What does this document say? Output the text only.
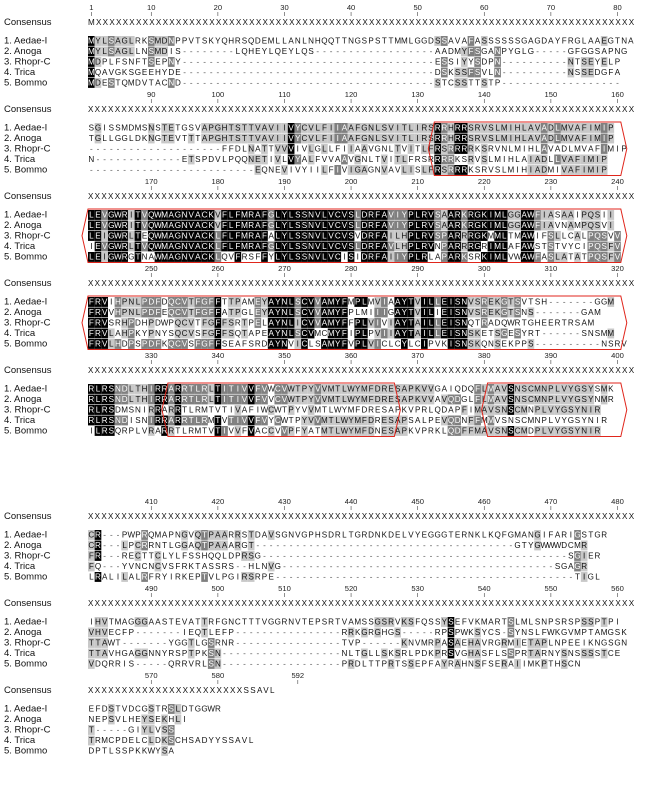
1	10	20	30	40	50	60	70	80
Consensus	MXXXXXXXXXXXXXXXXXXXXXXXXXXXXXXXXXXXXXXXXXXXXXXXXXXXXXXXXXXXXXXXXXXXXXXXXXXXXXXXXX
1. Aedae-I	M Y L S A G L R K S M D N P P V T S K Y Q H R S Q D E M L L A N L N H Q Q T T N G S P S T T M M L G G D S S A V A F A S S S S S S G A G D A Y F R G L A A E G T N A
2. Anoga	M Y L S A G L L N S M D I S - - - - - - - - L Q H E Y L Q E Y L Q S - - - - - - - - - - - - - - - - - - A A D M Y F S G A N P Y G L G - - - - - G F G G S A P N G
3. Rhopr-C	M D P L F S N F T S E P N Y - - - - - - - - - - - - - - - - - - - - - - - - - - - - - - - - - - - - - - E S S I Y Y S D P N - - - - - - - - - - N T S E Y E L P
4. Trica	M Q A V G K S G E E H Y D E - - - - - - - - - - - - - - - - - - - - - - - - - - - - - - - - - - - - - - D S K S S F S V L N - - - - - - - - - - N S S E D G F A
5. Bommo	M D E S T Q M D V T A C N D - - - - - - - - - - - - - - - - - - - - - - - - - - - - - - - - - - - - - - S T C S S T T S T P - - - - - - - - - - - - - - - - - -
90	100	110	120	130	140	150	160
Consensus	XXXXXXXXXXXXXXXXXXXXXXXXXXXXXXXXXXXXXXXXXXXXXXXXXXXXXXXXXXXXXXXXXXXXXXXXXXXXXXXXXX
1. Aedae-I	S G I S S M D M S N S T E T G S V A P G H T S T T V A V I I V Y C V L F I I A A F G N L S V I T L I R S R R H R R S R V S L M I H L A V A D L M V A F I M I P
2. Anoga	T G L L G G L D K N G T E V T T T A P G H T S T T V A V I I V Y C V L F I I A A F G N L S V I T L I R S R R H R R S R V S L M I H L A V A D L M V A F I M I P
3. Rhopr-C	- - - - - - - - - - - - - - - - - - - - F F D L N A T T V V V I V L G L L F I I A A V G N L T V I T L F R S R R R R K S R V N L M I H L A V A D L M V A F I M I P
4. Trica	N - - - - - - - - - - - - - E T S P D V L P Q Q N E T I V L V Y A L F V V A A V G N L T V I T L F R S R R R R K S R V S L M I H L A I A D L L V A F I M I P
5. Bommo	- - - - - - - - - - - - - - - - - - - - - - - - - E Q N E V I V Y I I L F I V I G A G N V A V L I S L F R S R R R K S R V S L M I H I A D M I V A F I M I P
170	180	190	200	210	220	230	240
Consensus	XXXXXXXXXXXXXXXXXXXXXXXXXXXXXXXXXXXXXXXXXXXXXXXXXXXXXXXXXXXXXXXXXXXXXXXXXXXXXXXXXX
1. Aedae-I	L E V G W R I T V Q W M A G N V A C K V F L F M R A F G L Y L S S N V L V C V S L D R F A V I Y P L R V S A A R K R G K I M L G G A W F I A S A A I P Q S I I
2. Anoga	L E V G W R I T V Q W M A G N V A C K V F L F M R A F G L Y L S S N V L V C V S L D R F A V I Y P L R V S A A R K R G K I M L G G A W F I A V N A M P Q S V I
3. Rhopr-C	L E I G W R L T E Q W M A G N V A C K L F L F M R A F A L Y L S S N V L V C V S V D R F A I L H P L R V S P A R R R G K M M L T M A W I F S L L C A L P Q S V V
4. Trica	I E V G W R L T V Q W M A G N V A C K L F L F M R A F G L Y L S S N V L V C V S L D R F A V L H P L R V N P A R R R G R I M L A F A W S T S T V Y C I P Q S F V
5. Bommo	L E I G W R G T N A W M A G N V A C K L Q V F R S F F Y L Y L S S N V L V C I S I D R F A I I Y P L R L A P A R K S R K I M L V W A W F A S L A T A T P Q S F V
250	260	270	280	290	300	310	320
Consensus	XXXXXXXXXXXXXXXXXXXXXXXXXXXXXXXXXXXXXXXXXXXXXXXXXXXXXXXXXXXXXXXXXXXXXXXXXXXXXXXXXX
1. Aedae-I	F R V I H P N L P D F D Q C V T F G F F T T P A M E Y A Y N L S C V V A M Y F M P L M V I A A Y T V I L L E I S N V S R E K G T S V T S H - - - - - - - G G M
2. Anoga	F R V V H P N L P D F E Q C V T F G F F A T P G L E Y A Y N L S C V V A M Y F P L M I I I G A Y T V I L I E I S N V S R E K G T S N S - - - - - - - G A M
3. Rhopr-C	F R V S R H P D H P D W P Q C V T F G F F S R T P E L A Y N L I C V V A M Y F F P L V I V I A Y T A I L L E I S N Q T R A D Q W R T G H E E R T R S A M
4. Trica	F R V L A H P K Y P N Y S Q C V S F G F F S Q T A P E A Y N L S C V M C M Y F I P L P V I I A Y T A I L L E I S N S K E T S G E S Y R T - - - - - - S N S M M
5. Bommo	F R V L H D P S P D F K Q C V S F G F F S E A F S R D A Y N V I C L S A M Y F V P L V I C L C Y L C I P V K I S N S K Q N S E K P P S - - - - - - - - - - N S R V
330	340	350	360	370	380	390	400
Consensus	XXXXXXXXXXXXXXXXXXXXXXXXXXXXXXXXXXXXXXXXXXXXXXXXXXXXXXXXXXXXXXXXXXXXXXXXXXXXXXXXXX
1. Aedae-I	R L R S N D L T H I R R A R R T L R L T I T I V V F V W C V W T P Y V V M T L W Y M F D R E S A P K V V G A I Q D Q F L M A V S N S C M N P L V Y G S Y S M K
2. Anoga	R L R S N D L T H I R R A R R T L R L T I T I V V F V V C V W T P Y V V M T L W Y M F D R E S A P K V V A V Q D G L F L M A V S N S C M N P L V Y G S Y N M R
3. Rhopr-C	R L R S D M S N I R R A R R T L R M T V T I V A F I W C W T P Y V V M T L W Y M F D R E S A P K V P R L Q D A P F I M A V S N S C M N P L V Y G S Y N I R
4. Trica	R L R S N D I S N I R R A R R T L R M T V T I V V F V Y C W T P Y V V M T L W Y M F D R E S A P S A L P E V Q D N F F M M V S N S C M N P L V Y G S Y N I R
5. Bommo	I L R S Q R P L V R A R R T L R M T V T I V V F V A C C V V P F Y A T M T L W Y M F D N E S A P K V P R K L Q D F F M A V S N S C M D P L V Y G S Y N I R
410	420	430	440	450	460	470	480
Consensus	XXXXXXXXXXXXXXXXXXXXXXXXXXXXXXXXXXXXXXXXXXXXXXXXXXXXXXXXXXXXXXXXXXXXXXXXXXXXXXXXXX
1. Aedae-I	C R - - - P W P R Q M A P N G V Q T P A A R R S T D A V S G N V G P H S D R L T G R D N K D E L V Y E G G G T E R N K L K Q F G M A N G I F A R I G S T G R
2. Anoga	C R - - - L P C R R N T L G G A Q T P A A A R G T - - - - - - - - - - - - - - - - - - - - - - - - - - - - - - - - - - - - - - - G T Y G W W W D C M R
3. Rhopr-C	F R - - - R E C T T C L Y L F S S H Q Q L D P R S G - - - - - - - - - - - - - - - - - - - - - - - - - - - - - - - - - - - - - - - - - - - - - - S G I E R
4. Trica	F Q - - - Y V N C N C V S F R K T A S S R S - - H L N V G - - - - - - - - - - - - - - - - - - - - - - - - - - - - - - - - - - - - - - - - - S G A G R
5. Bommo	L R A L I L A L R F R Y I R K E P T V L P G I R S R P E - - - - - - - - - - - - - - - - - - - - - - - - - - - - - - - - - - - - - - - - - - - - - T I G L
490	500	510	520	530	540	550	560
Consensus	XXXXXXXXXXXXXXXXXXXXXXXXXXXXXXXXXXXXXXXXXXXXXXXXXXXXXXXXXXXXXXXXXXXXXXXXXXXXXXXXXX
1. Aedae-I	I H V T M A G G G A A S T E V A T T R F G N C T T T V G G R N V T E P S R T V A M S S G S R V K S F Q S S Y S E F V K M A R T S L M L S N P S R S P S S P T P I
2. Anoga	V H V E C F P - - - - - - - I E Q T L E F P - - - - - - - - - - - - - - - - R R K G R G H G S - - - - - R P S P W K S Y C S - S Y N S L F W K G V M P T A M G S K
3. Rhopr-C	T T A W T - - - - - - - Y G G T L G S R N R - - - - - - - - - - - - - - - - T V P - - - - - - K N V M R P A S A E H A V R G R M I E T A P L N P E E I K N G S G N
4. Trica	T T A V H G A G G N N Y R S P T P K S N - - - - - - - - - - - - - - - - - - N L T G L L S K S R L P D K P R S V G H A S F L S S P R T A R N Y S N S S S S T C E
5. Bommo	V D Q R R I S - - - - - Q R R V R L S N - - - - - - - - - - - - - - - - - - P R D L T T P R T S S E P F A Y R A H N S F S E R A I I M K P T H S C N
570	580	592
Consensus	XXXXXXXXXXXXXXXXXXXXXXXSSAVL
1. Aedae-I	E F D S T V D C G S T R S L D T G G W R
2. Anoga	N E P S V L H E Y S E K H L I
3. Rhopr-C	T - - - - - G I Y L V S S
4. Trica	T R M C P D E L C L D K S C H S A D Y Y S S A V L
5. Bommo	D P T L S S P K K W Y S A
